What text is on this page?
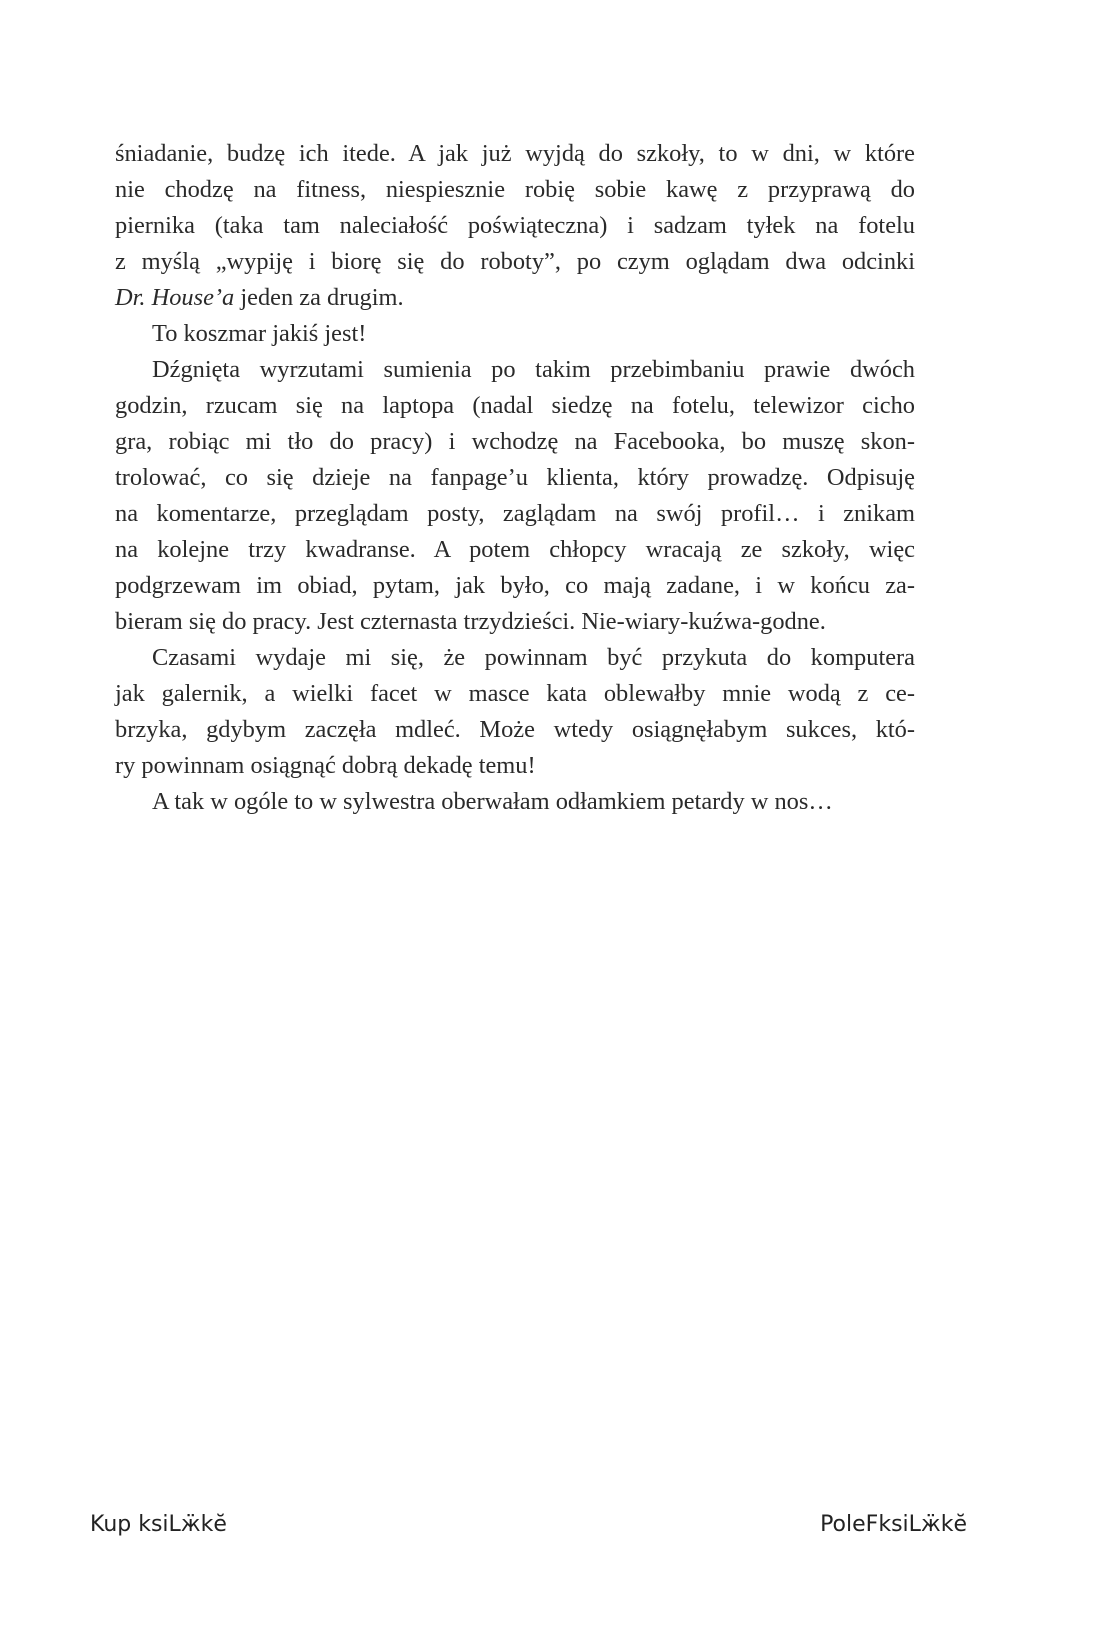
śniadanie, budzę ich itede. A jak już wyjdą do szkoły, to w dni, w które
nie chodzę na fitness, niespiesznie robię sobie kawę z przyprawą do
piernika (taka tam naleciałość poświąteczna) i sadzam tyłek na fotelu
z myślą „wypiję i biorę się do roboty”, po czym oglądam dwa odcinki
Dr. House’a jeden za drugim.
To koszmar jakiś jest!
Dźgnięta wyrzutami sumienia po takim przebimbaniu prawie dwóch
godzin, rzucam się na laptopa (nadal siedzę na fotelu, telewizor cicho
gra, robiąc mi tło do pracy) i wchodzę na Facebooka, bo muszę skon-
trolować, co się dzieje na fanpage’u klienta, który prowadzę. Odpisuję
na komentarze, przeglądam posty, zaglądam na swój profil… i znikam
na kolejne trzy kwadranse. A potem chłopcy wracają ze szkoły, więc
podgrzewam im obiad, pytam, jak było, co mają zadane, i w końcu za-
bieram się do pracy. Jest czternasta trzydzieści. Nie-wiary-kuźwa-godne.
Czasami wydaje mi się, że powinnam być przykuta do komputera
jak galernik, a wielki facet w masce kata oblewałby mnie wodą z ce-
brzyka, gdybym zaczęła mdleć. Może wtedy osiągnęłabym sukces, któ-
ry powinnam osiągnąć dobrą dekadę temu!
A tak w ogóle to w sylwestra oberwałam odłamkiem petardy w nos…
Kup ksiLӝkӗ	PoleFksiLӝkӗ
